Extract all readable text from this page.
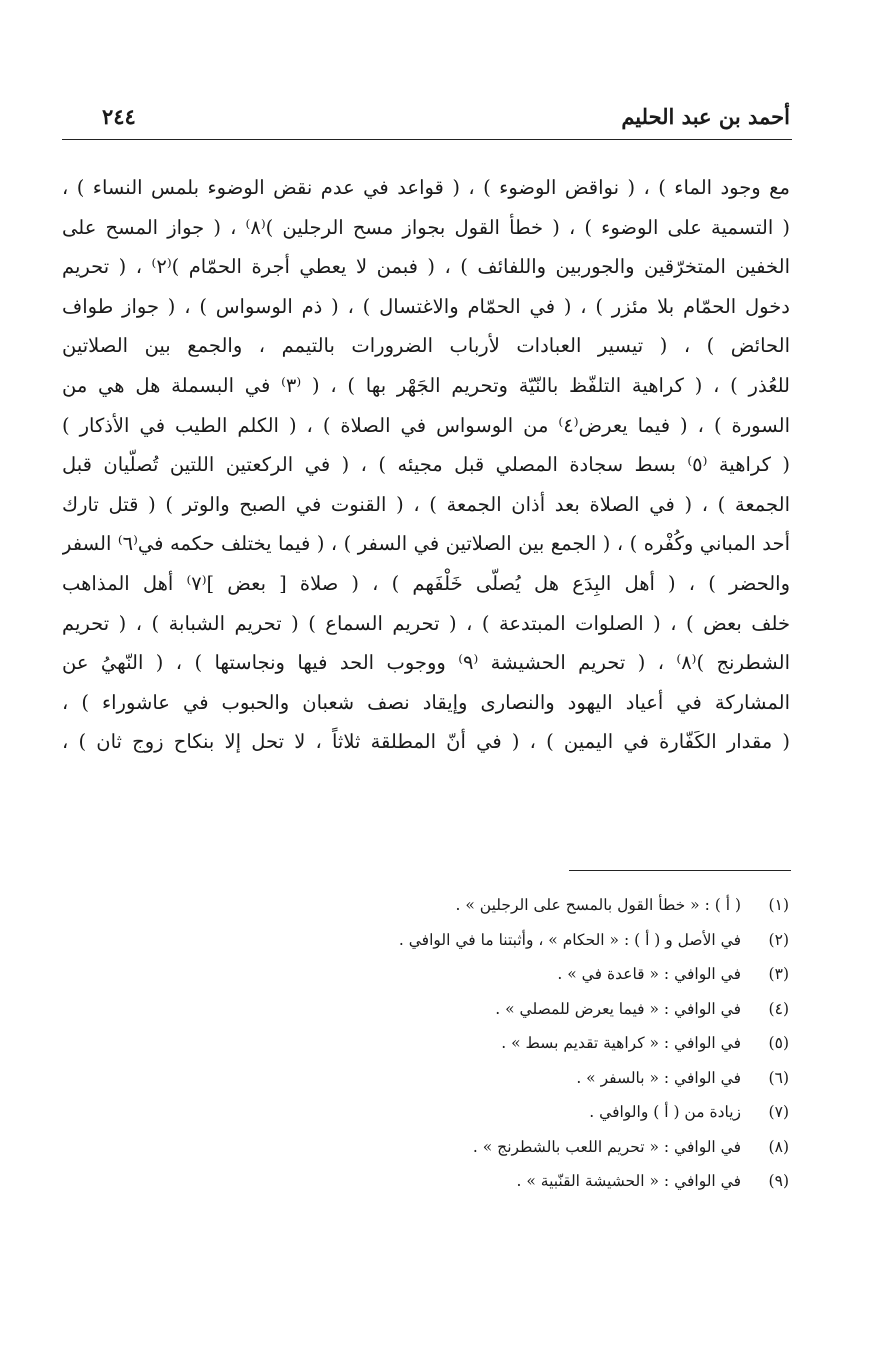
أحمد بن عبد الحليم
٢٤٤
مع وجود الماء ) ، ( نواقض الوضوء ) ، ( قواعد في عدم نقض الوضوء بلمس النساء ) ،
( التسمية على الوضوء ) ، ( خطأ القول بجواز مسح الرجلين )⁽٨⁾ ، ( جواز المسح على
الخفين المتخرّقين والجوربين واللفائف ) ، ( فبمن لا يعطي أجرة الحمّام )⁽٢⁾ ، ( تحريم
دخول الحمّام بلا مئزر ) ، ( في الحمّام والاغتسال ) ، ( ذم الوسواس ) ، ( جواز طواف
الحائض ) ، ( تيسير العبادات لأرباب الضرورات بالتيمم ، والجمع بين الصلاتين
للعُذر ) ، ( كراهية التلفّظ بالنّيّة وتحريم الجَهْر بها ) ، ( ⁽٣⁾ في البسملة هل هي من
السورة ) ، ( فيما يعرض⁽٤⁾ من الوسواس في الصلاة ) ، ( الكلم الطيب في الأذكار )
( كراهية ⁽٥⁾ بسط سجادة المصلي قبل مجيئه ) ، ( في الركعتين اللتين تُصلّيان قبل
الجمعة ) ، ( في الصلاة بعد أذان الجمعة ) ، ( القنوت في الصبح والوتر ) ( قتل تارك
أحد المباني وكُفْره ) ، ( الجمع بين الصلاتين في السفر ) ، ( فيما يختلف حكمه في⁽٦⁾ السفر
والحضر ) ، ( أهل البِدَع هل يُصلّى خَلْفَهم ) ، ( صلاة [ بعض ]⁽٧⁾ أهل المذاهب
خلف بعض ) ، ( الصلوات المبتدعة ) ، ( تحريم السماع ) ( تحريم الشبابة ) ، ( تحريم
الشطرنج )⁽٨⁾ ، ( تحريم الحشيشة ⁽٩⁾ ووجوب الحد فيها ونجاستها ) ، ( النّهيُ عن
المشاركة في أعياد اليهود والنصارى وإيقاد نصف شعبان والحبوب في عاشوراء ) ،
( مقدار الكَفّارة في اليمين ) ، ( في أنّ المطلقة ثلاثاً ، لا تحل إلا بنكاح زوج ثان ) ،
(١)
( أ ) : « خطأ القول بالمسح على الرجلين » .
(٢)
في الأصل و ( أ ) : « الحكام » ، وأثبتنا ما في الوافي .
(٣)
في الوافي : « قاعدة في » .
(٤)
في الوافي : « فيما يعرض للمصلي » .
(٥)
في الوافي : « كراهية تقديم بسط » .
(٦)
في الوافي : « بالسفر » .
(٧)
زيادة من ( أ ) والوافي .
(٨)
في الوافي : « تحريم اللعب بالشطرنج » .
(٩)
في الوافي : « الحشيشة القنّبية » .
